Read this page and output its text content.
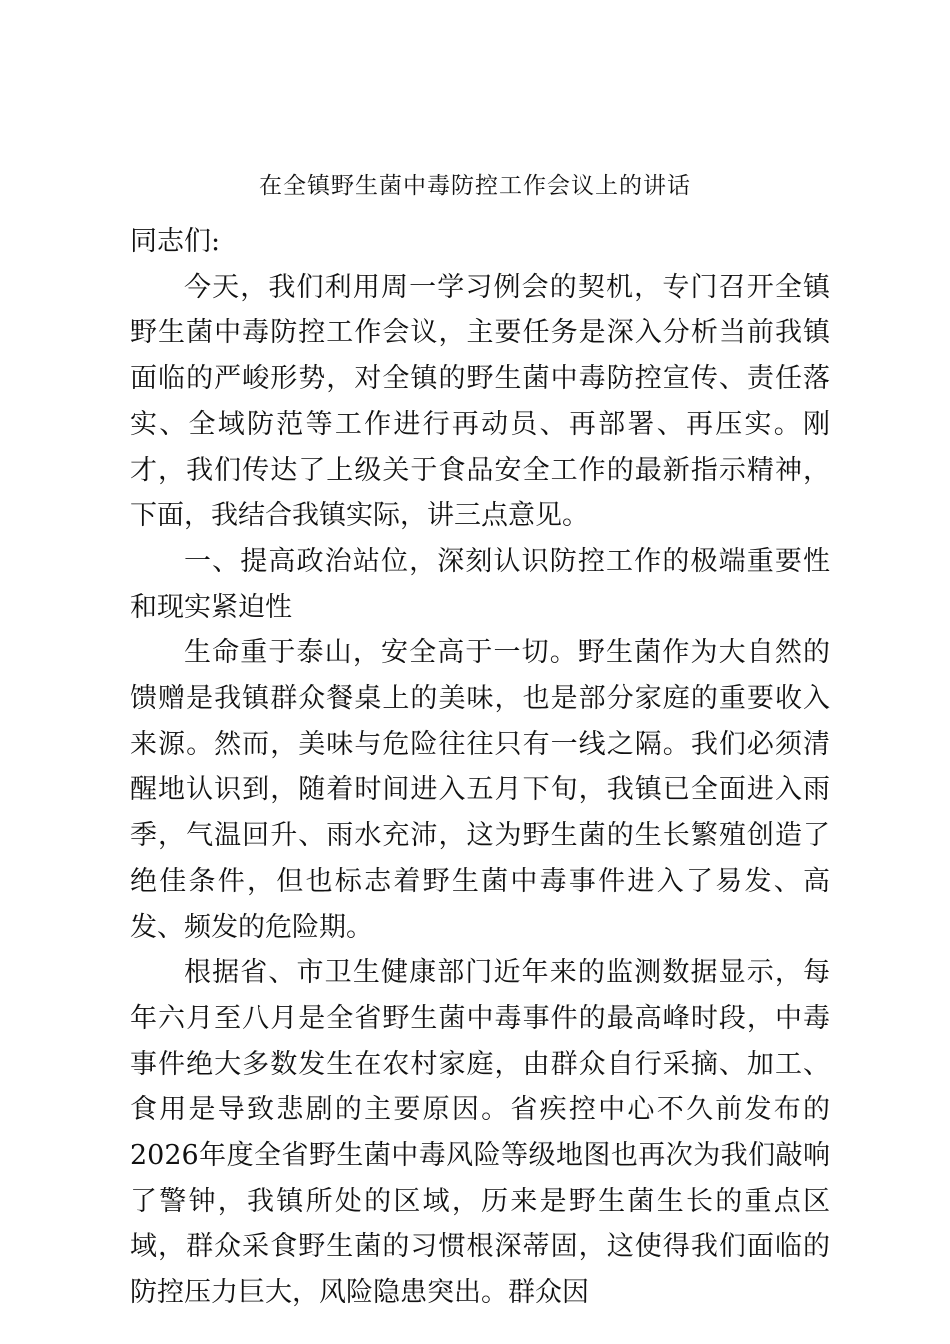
在全镇野生菌中毒防控工作会议上的讲话

同志们:

今天，我们利用周一学习例会的契机，专门召开全镇野生菌中毒防控工作会议，主要任务是深入分析当前我镇面临的严峻形势，对全镇的野生菌中毒防控宣传、责任落实、全域防范等工作进行再动员、再部署、再压实。刚才，我们传达了上级关于食品安全工作的最新指示精神，下面，我结合我镇实际，讲三点意见。

一、提高政治站位，深刻认识防控工作的极端重要性和现实紧迫性

生命重于泰山，安全高于一切。野生菌作为大自然的馈赠是我镇群众餐桌上的美味，也是部分家庭的重要收入来源。然而，美味与危险往往只有一线之隔。我们必须清醒地认识到，随着时间进入五月下旬，我镇已全面进入雨季，气温回升、雨水充沛，这为野生菌的生长繁殖创造了绝佳条件，但也标志着野生菌中毒事件进入了易发、高发、频发的危险期。

根据省、市卫生健康部门近年来的监测数据显示，每年六月至八月是全省野生菌中毒事件的最高峰时段，中毒事件绝大多数发生在农村家庭，由群众自行采摘、加工、食用是导致悲剧的主要原因。省疾控中心不久前发布的2026年度全省野生菌中毒风险等级地图也再次为我们敲响了警钟，我镇所处的区域，历来是野生菌生长的重点区域，群众采食野生菌的习惯根深蒂固，这使得我们面临的防控压力巨大，风险隐患突出。群众因
